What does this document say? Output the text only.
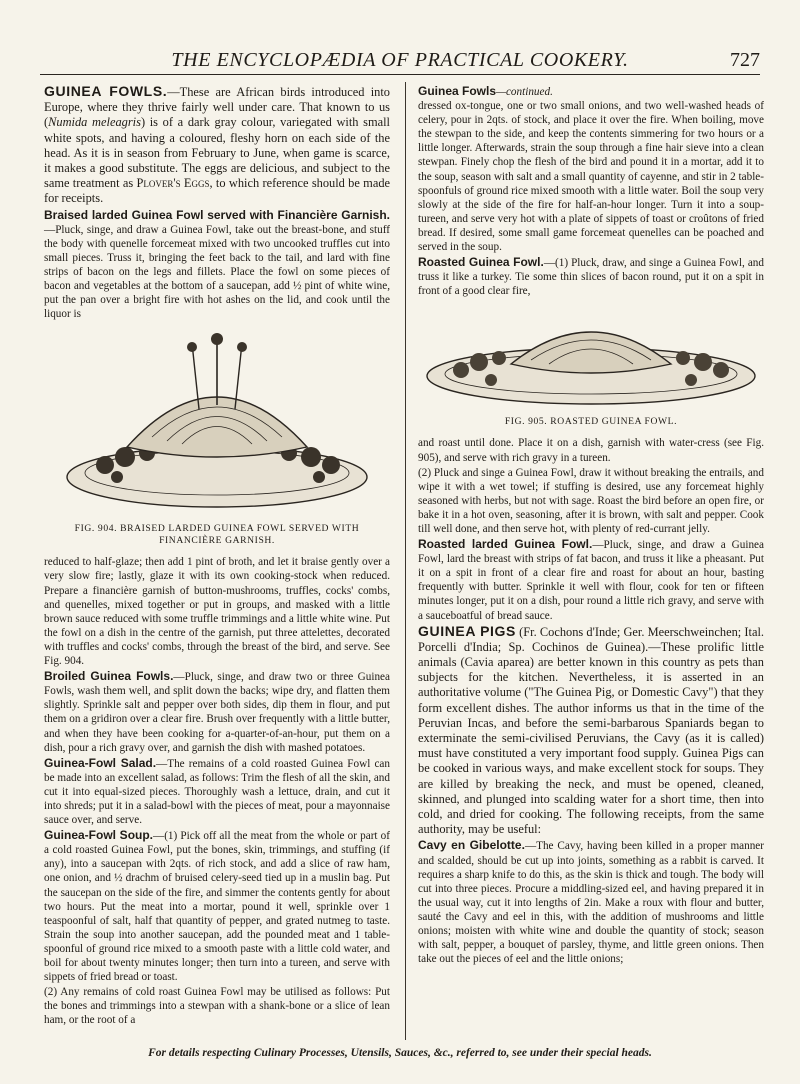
THE ENCYCLOPÆDIA OF PRACTICAL COOKERY.	727

GUINEA FOWLS.—These are African birds introduced into Europe, where they thrive fairly well under care. That known to us (Numida meleagris) is of a dark gray colour, variegated with small white spots, and having a coloured, fleshy horn on each side of the head. As it is in season from February to June, when game is scarce, it makes a good substitute. The eggs are delicious, and subject to the same treatment as Plover's Eggs, to which reference should be made for receipts.

Braised larded Guinea Fowl served with Financière Garnish.—Pluck, singe, and draw a Guinea Fowl, take out the breast-bone, and stuff the body with quenelle forcemeat mixed with two uncooked truffles cut into small pieces. Truss it, bringing the feet back to the tail, and lard with fine strips of bacon on the legs and fillets. Place the fowl on some pieces of bacon and vegetables at the bottom of a saucepan, add ½ pint of white wine, put the pan over a bright fire with hot ashes on the lid, and cook until the liquor is

FIG. 904. BRAISED LARDED GUINEA FOWL SERVED WITH FINANCIÈRE GARNISH.

reduced to half-glaze; then add 1 pint of broth, and let it braise gently over a very slow fire; lastly, glaze it with its own cooking-stock when reduced. Prepare a financière garnish of button-mushrooms, truffles, cocks' combs, and quenelles, mixed together or put in groups, and masked with a little brown sauce reduced with some truffle trimmings and a little white wine. Put the fowl on a dish in the centre of the garnish, put three attelettes, decorated with truffles and cocks' combs, through the breast of the bird, and serve. See Fig. 904.

Broiled Guinea Fowls.—Pluck, singe, and draw two or three Guinea Fowls, wash them well, and split down the backs; wipe dry, and flatten them slightly. Sprinkle salt and pepper over both sides, dip them in flour, and put them on a gridiron over a clear fire. Brush over frequently with a little butter, and when they have been cooking for a-quarter-of-an-hour, put them on a dish, pour a rich gravy over, and garnish the dish with mashed potatoes.

Guinea-Fowl Salad.—The remains of a cold roasted Guinea Fowl can be made into an excellent salad, as follows: Trim the flesh of all the skin, and cut it into equal-sized pieces. Thoroughly wash a lettuce, drain, and cut it into shreds; put it in a salad-bowl with the pieces of meat, pour a mayonnaise sauce over, and serve.

Guinea-Fowl Soup.—(1) Pick off all the meat from the whole or part of a cold roasted Guinea Fowl, put the bones, skin, trimmings, and stuffing (if any), into a saucepan with 2qts. of rich stock, and add a slice of raw ham, one onion, and ½ drachm of bruised celery-seed tied up in a muslin bag. Put the saucepan on the side of the fire, and simmer the contents gently for about two hours. Put the meat into a mortar, pound it well, sprinkle over 1 teaspoonful of salt, half that quantity of pepper, and grated nutmeg to taste. Strain the soup into another saucepan, add the pounded meat and 1 table-spoonful of ground rice mixed to a smooth paste with a little cold water, and boil for about twenty minutes longer; then turn into a tureen, and serve with sippets of fried bread or toast.

(2) Any remains of cold roast Guinea Fowl may be utilised as follows: Put the bones and trimmings into a stewpan with a shank-bone or a slice of lean ham, or the root of a

Guinea Fowls—continued.
dressed ox-tongue, one or two small onions, and two well-washed heads of celery, pour in 2qts. of stock, and place it over the fire. When boiling, move the stewpan to the side, and keep the contents simmering for two hours or a little longer. Afterwards, strain the soup through a fine hair sieve into a clean stewpan. Finely chop the flesh of the bird and pound it in a mortar, add it to the soup, season with salt and a small quantity of cayenne, and stir in 2 table-spoonfuls of ground rice mixed smooth with a little water. Boil the soup very slowly at the side of the fire for half-an-hour longer. Turn it into a soup-tureen, and serve very hot with a plate of sippets of toast or croûtons of fried bread. If desired, some small game forcemeat quenelles can be poached and served in the soup.

Roasted Guinea Fowl.—(1) Pluck, draw, and singe a Guinea Fowl, and truss it like a turkey. Tie some thin slices of bacon round, put it on a spit in front of a good clear fire,

FIG. 905. ROASTED GUINEA FOWL.

and roast until done. Place it on a dish, garnish with water-cress (see Fig. 905), and serve with rich gravy in a tureen.

(2) Pluck and singe a Guinea Fowl, draw it without breaking the entrails, and wipe it with a wet towel; if stuffing is desired, use any forcemeat highly seasoned with herbs, but not with sage. Roast the bird before an open fire, or bake it in a hot oven, seasoning, after it is brown, with salt and pepper. Cook till well done, and then serve hot, with plenty of red-currant jelly.

Roasted larded Guinea Fowl.—Pluck, singe, and draw a Guinea Fowl, lard the breast with strips of fat bacon, and truss it like a pheasant. Put it on a spit in front of a clear fire and roast for about an hour, basting frequently with butter. Sprinkle it well with flour, cook for ten or fifteen minutes longer, put it on a dish, pour round a little rich gravy, and serve with a sauceboatful of bread sauce.

GUINEA PIGS (Fr. Cochons d'Inde; Ger. Meerschweinchen; Ital. Porcelli d'India; Sp. Cochinos de Guinea).—These prolific little animals (Cavia aparea) are better known in this country as pets than subjects for the kitchen. Nevertheless, it is asserted in an authoritative volume ("The Guinea Pig, or Domestic Cavy") that they form excellent dishes. The author informs us that in the time of the Peruvian Incas, and before the semi-barbarous Spaniards began to exterminate the semi-civilised Peruvians, the Cavy (as it is called) must have constituted a very important food supply. Guinea Pigs can be cooked in various ways, and make excellent stock for soups. They are killed by breaking the neck, and must be opened, cleaned, skinned, and plunged into scalding water for a short time, then into cold, and dried for cooking. The following receipts, from the same authority, may be useful:

Cavy en Gibelotte.—The Cavy, having been killed in a proper manner and scalded, should be cut up into joints, something as a rabbit is carved. It requires a sharp knife to do this, as the skin is thick and tough. The body will cut into three pieces. Procure a middling-sized eel, and having prepared it in the usual way, cut it into lengths of 2in. Make a roux with flour and butter, sauté the Cavy and eel in this, with the addition of mushrooms and little onions; moisten with white wine and double the quantity of stock; season with salt, pepper, a bouquet of parsley, thyme, and little green onions. Then take out the pieces of eel and the little onions;

For details respecting Culinary Processes, Utensils, Sauces, &c., referred to, see under their special heads.
